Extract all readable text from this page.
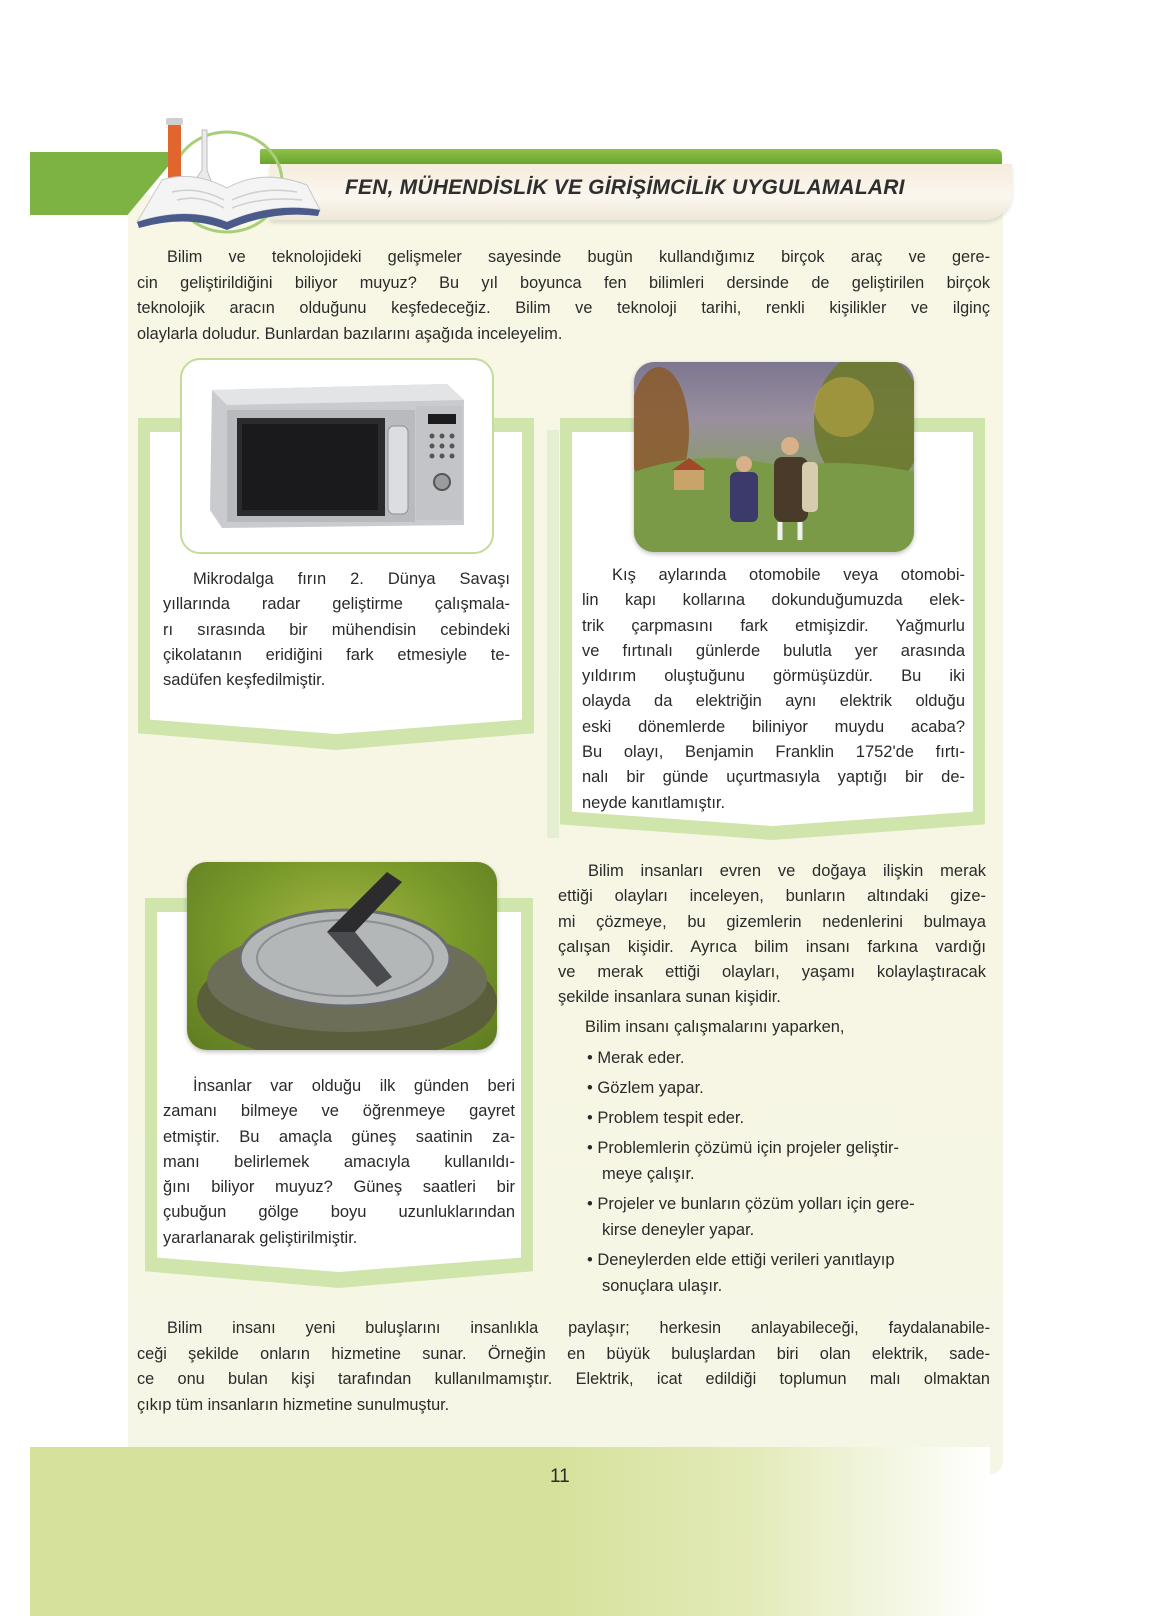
FEN, MÜHENDİSLİK VE GİRİŞİMCİLİK UYGULAMALARI
Bilim ve teknolojideki gelişmeler sayesinde bugün kullandığımız birçok araç ve gere-
cin geliştirildiğini biliyor muyuz? Bu yıl boyunca fen bilimleri dersinde de geliştirilen birçok
teknolojik aracın olduğunu keşfedeceğiz. Bilim ve teknoloji tarihi, renkli kişilikler ve ilginç
olaylarla doludur. Bunlardan bazılarını aşağıda inceleyelim.
Mikrodalga fırın 2. Dünya Savaşı
yıllarında radar geliştirme çalışmala-
rı sırasında bir mühendisin cebindeki
çikolatanın eridiğini fark etmesiyle te-
sadüfen keşfedilmiştir.
Kış aylarında otomobile veya otomobi-
lin kapı kollarına dokunduğumuzda elek-
trik çarpmasını fark etmişizdir. Yağmurlu
ve fırtınalı günlerde bulutla yer arasında
yıldırım oluştuğunu görmüşüzdür. Bu iki
olayda da elektriğin aynı elektrik olduğu
eski dönemlerde biliniyor muydu acaba?
Bu olayı, Benjamin Franklin 1752'de fırtı-
nalı bir günde uçurtmasıyla yaptığı bir de-
neyde kanıtlamıştır.
İnsanlar var olduğu ilk günden beri
zamanı bilmeye ve öğrenmeye gayret
etmiştir. Bu amaçla güneş saatinin za-
manı belirlemek amacıyla kullanıldı-
ğını biliyor muyuz? Güneş saatleri bir
çubuğun gölge boyu uzunluklarından
yararlanarak geliştirilmiştir.
Bilim insanları evren ve doğaya ilişkin merak
ettiği olayları inceleyen, bunların altındaki gize-
mi çözmeye, bu gizemlerin nedenlerini bulmaya
çalışan kişidir. Ayrıca bilim insanı farkına vardığı
ve merak ettiği olayları, yaşamı kolaylaştıracak
şekilde insanlara sunan kişidir.
Bilim insanı çalışmalarını yaparken,
• Merak eder.
• Gözlem yapar.
• Problem tespit eder.
• Problemlerin çözümü için projeler geliştir-
meye çalışır.
• Projeler ve bunların çözüm yolları için gere-
kirse deneyler yapar.
• Deneylerden elde ettiği verileri yanıtlayıp
sonuçlara ulaşır.
Bilim insanı yeni buluşlarını insanlıkla paylaşır; herkesin anlayabileceği, faydalanabile-
ceği şekilde onların hizmetine sunar. Örneğin en büyük buluşlardan biri olan elektrik, sade-
ce onu bulan kişi tarafından kullanılmamıştır. Elektrik, icat edildiği toplumun malı olmaktan
çıkıp tüm insanların hizmetine sunulmuştur.
11
